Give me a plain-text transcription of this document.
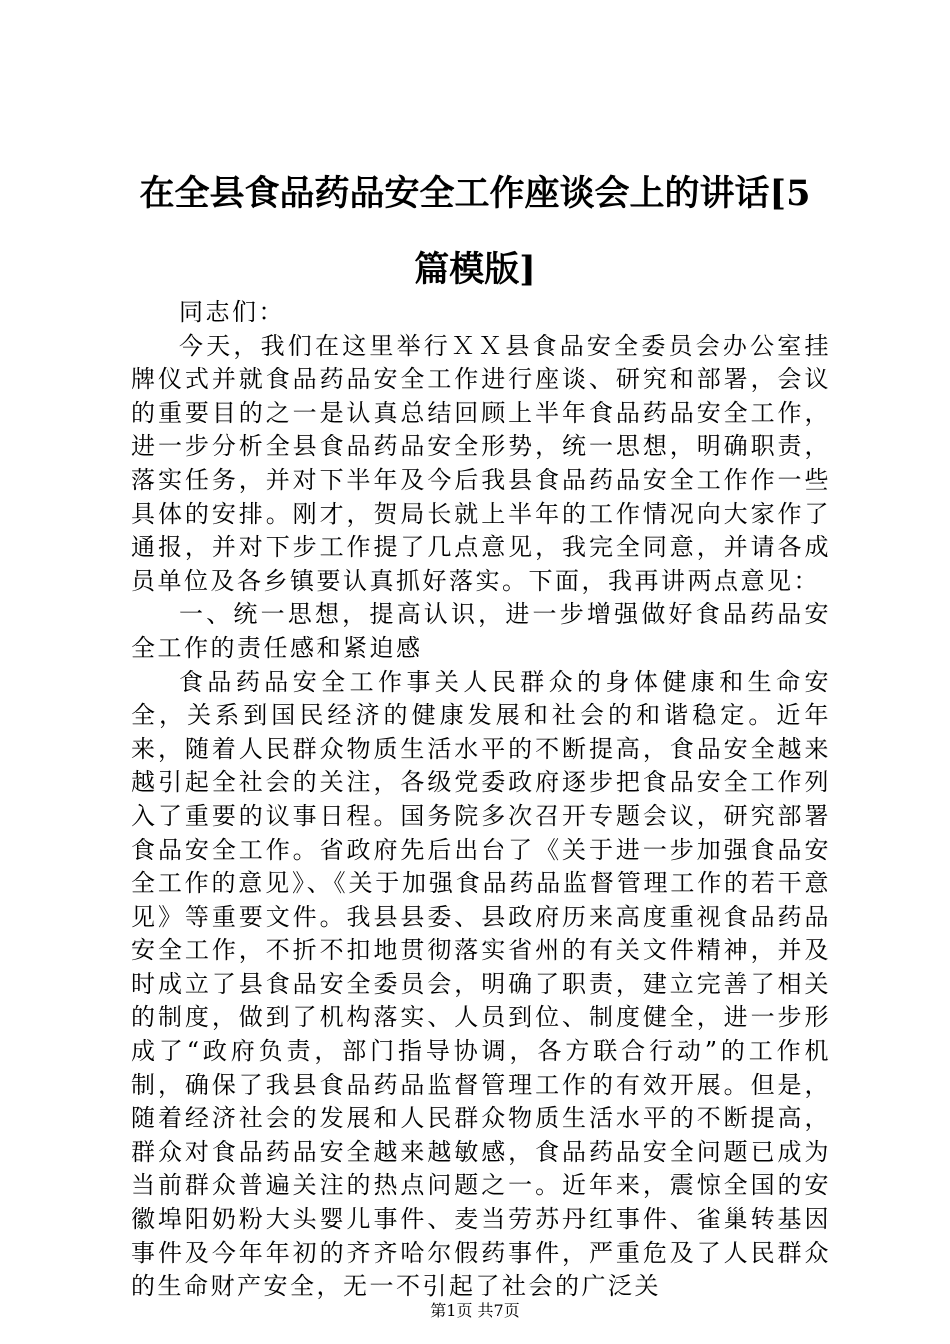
在全县食品药品安全工作座谈会上的讲话[5
篇模版]

同志们：

今天，我们在这里举行ＸＸ县食品安全委员会办公室挂牌仪式并就食品药品安全工作进行座谈、研究和部署，会议的重要目的之一是认真总结回顾上半年食品药品安全工作，进一步分析全县食品药品安全形势，统一思想，明确职责，落实任务，并对下半年及今后我县食品药品安全工作作一些具体的安排。刚才，贺局长就上半年的工作情况向大家作了通报，并对下步工作提了几点意见，我完全同意，并请各成员单位及各乡镇要认真抓好落实。下面，我再讲两点意见：

一、统一思想，提高认识，进一步增强做好食品药品安全工作的责任感和紧迫感

食品药品安全工作事关人民群众的身体健康和生命安全，关系到国民经济的健康发展和社会的和谐稳定。近年来，随着人民群众物质生活水平的不断提高，食品安全越来越引起全社会的关注，各级党委政府逐步把食品安全工作列入了重要的议事日程。国务院多次召开专题会议，研究部署食品安全工作。省政府先后出台了《关于进一步加强食品安全工作的意见》、《关于加强食品药品监督管理工作的若干意见》等重要文件。我县县委、县政府历来高度重视食品药品安全工作，不折不扣地贯彻落实省州的有关文件精神，并及时成立了县食品安全委员会，明确了职责，建立完善了相关的制度，做到了机构落实、人员到位、制度健全，进一步形成了“政府负责，部门指导协调，各方联合行动”的工作机制，确保了我县食品药品监督管理工作的有效开展。但是，随着经济社会的发展和人民群众物质生活水平的不断提高，群众对食品药品安全越来越敏感，食品药品安全问题已成为当前群众普遍关注的热点问题之一。近年来，震惊全国的安徽埠阳奶粉大头婴儿事件、麦当劳苏丹红事件、雀巢转基因事件及今年年初的齐齐哈尔假药事件，严重危及了人民群众的生命财产安全，无一不引起了社会的广泛关

第1页 共7页
